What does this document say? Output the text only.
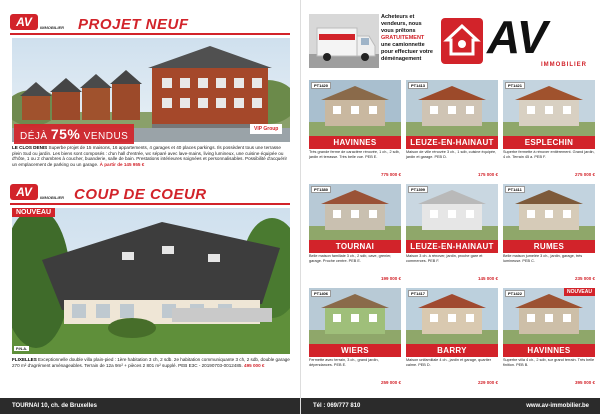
AV	IMMOBILIER PROJET NEUF
DÉJÀ 75% VENDUS
VIP Group
LE CLOS DENIS Superbe projet de 15 maisons, 16 appartements, 4 garages et 40 places parkings. Ils possèdent tous une terrasse plein Sud ou jardin. Les biens sont composés : d'un hall d'entrée, wc séparé avec lave-mains, living lumineux, une cuisine équipée ou d'hôte, 1 ou 2 chambres à coucher, buanderie, salle de bain. Prestations intérieures soignées et personnalisables. Possibilité d'acquérir un emplacement de parking ou un garage. À partir de 145 955 €
AV	IMMOBILIER COUP DE COEUR
NOUVEAU
P.N.A.
FLIXELLES Exceptionnelle double villa plain-pied : 1ère habitation 3 ch, 2 sdb. 2e habitation communiquante 3 ch, 2 sdb, double garage 270 m² d'agrément aménageables. Terrain de 12a 9m² + pièces 2 801 m² supplé. PEB E3C - 20190703-0012485. 495 000 €
TOURNAI 10, ch. de Bruxelles
Acheteurs et
vendeurs, nous
vous prêtons
GRATUITEMENT
une camionnette
pour effectuer votre
déménagement AV
IMMOBILIER
PT1420
HAVINNES
Très grande ferme de caractère rénovée, 1 ch., 2 sdb, jardin et terrasse. Très belle vue. PEB E.
775 000 €
PT1413
LEUZE-EN-HAINAUT
Maison de ville rénovée 3 ch., 1 sdb, cuisine équipée, jardin et garage. PEB D.
175 000 €
PT1421
ESPLECHIN
Superbe fermette à rénover entièrement. Grand jardin, 4 ch. Terrain 45 a. PEB F.
275 000 €
PT1380
TOURNAI
Belle maison familiale 3 ch., 2 sdb, cave, grenier, garage. Proche centre. PEB E.
199 000 €
PT1399
LEUZE-EN-HAINAUT
Maison 3 ch. à rénover, jardin, proche gare et commerces. PEB F.
145 000 €
PT1411
RUMES
Belle maison jumelée 3 ch., jardin, garage, très lumineuse. PEB C.
235 000 €
PT1406
WIERS
Fermette avec terrain, 3 ch., grand jardin, dépendances. PEB E.
259 000 €
PT1417
BARRY
Maison unifamiliale 4 ch., jardin et garage, quartier calme. PEB D.
229 000 €
PT1422	NOUVEAU
HAVINNES
Superbe villa 4 ch., 2 sdb, sur grand terrain. Très belle finition. PEB B.
395 000 €
Tél : 069/777 810	www.av-immobilier.be
